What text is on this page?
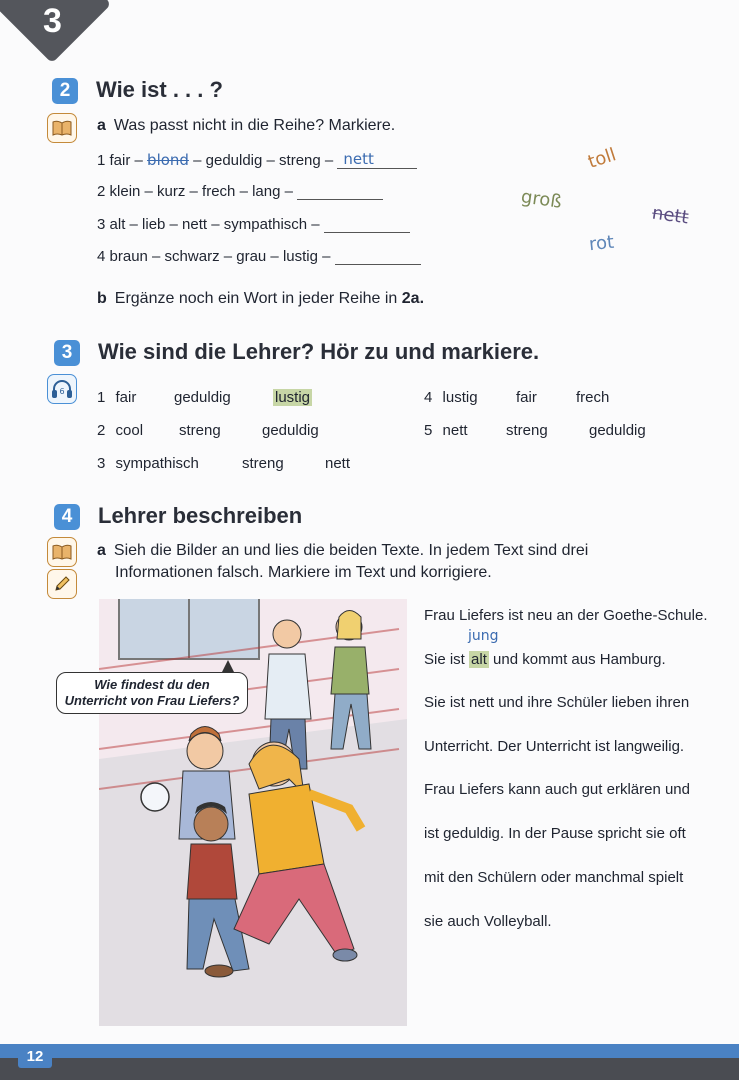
3
2	Wie ist . . . ?
a Was passt nicht in die Reihe? Markiere.
1 fair – blond – geduldig – streng – nett
2 klein – kurz – frech – lang –
3 alt – lieb – nett – sympathisch –
4 braun – schwarz – grau – lustig –
toll
groß
nett
rot
b Ergänze noch ein Wort in jeder Reihe in 2a.
3	Wie sind die Lehrer? Hör zu und markiere.
6 1 fair	geduldig	lustig
2 cool streng	geduldig
3 sympathisch	streng	nett
4 lustig	fair	frech
5 nett	streng	geduldig
4	Lehrer beschreiben
a Sieh die Bilder an und lies die beiden Texte. In jedem Text sind drei
Informationen falsch. Markiere im Text und korrigiere.
Wie findest du den Unterricht von Frau Liefers?
Frau Liefers ist neu an der Goethe-Schule.
jung
Sie ist alt und kommt aus Hamburg.
Sie ist nett und ihre Schüler lieben ihren
Unterricht. Der Unterricht ist langweilig.
Frau Liefers kann auch gut erklären und
ist geduldig. In der Pause spricht sie oft
mit den Schülern oder manchmal spielt
sie auch Volleyball.
12
